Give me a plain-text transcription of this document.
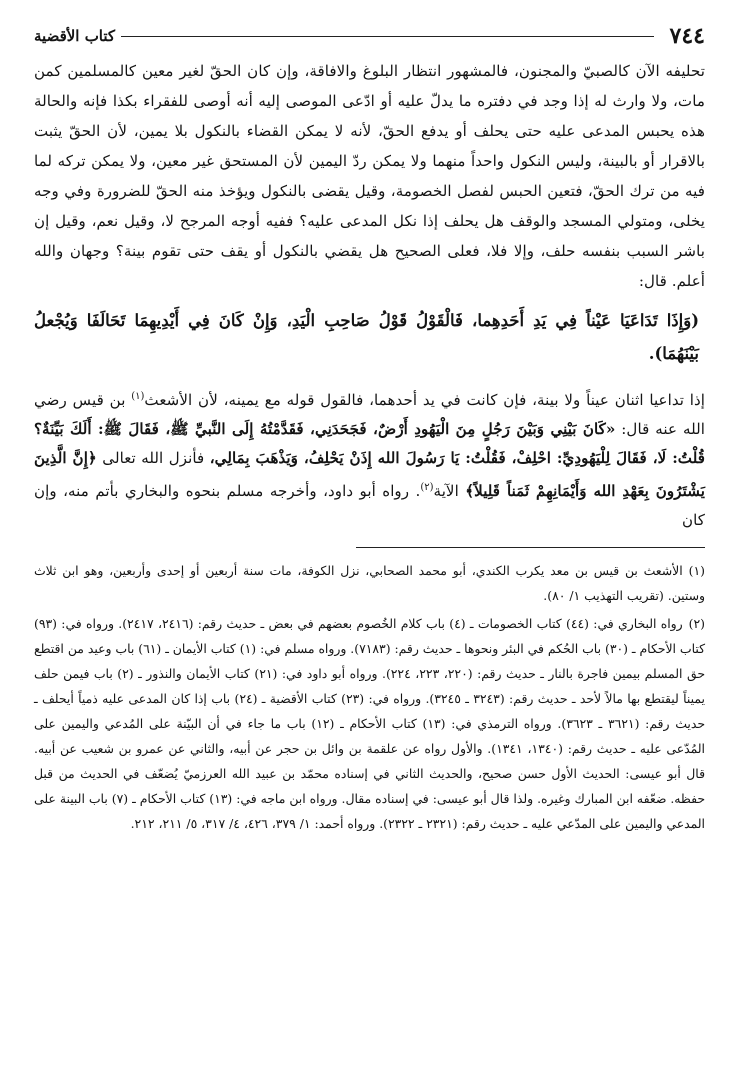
٧٤٤
كتاب الأقضية

تحليفه الآن كالصبيّ والمجنون، فالمشهور انتظار البلوغ والافاقة، وإن كان الحقّ لغير معين كالمسلمين كمن مات، ولا وارث له إذا وجد في دفتره ما يدلّ عليه أو ادّعى الموصى إليه أنه أوصى للفقراء بكذا فإنه والحالة هذه يحبس المدعى عليه حتى يحلف أو يدفع الحقّ، لأنه لا يمكن القضاء بالنكول بلا يمين، لأن الحقّ يثبت بالاقرار أو بالبينة، وليس النكول واحداً منهما ولا يمكن ردّ اليمين لأن المستحق غير معين، ولا يمكن تركه لما فيه من ترك الحقّ، فتعين الحبس لفصل الخصومة، وقيل يقضى بالنكول ويؤخذ منه الحقّ للضرورة وفي وجه يخلى، ومتولي المسجد والوقف هل يحلف إذا نكل المدعى عليه؟ ففيه أوجه المرجح لا، وقيل نعم، وقيل إن باشر السبب بنفسه حلف، وإلا فلا، فعلى الصحيح هل يقضي بالنكول أو يقف حتى تقوم بينة؟ وجهان والله أعلم. قال:

(وَإِذَا تَدَاعَيَا عَيْناً فِي يَدِ أَحَدِهِما، فَالْقَوْلُ قَوْلُ صَاحِبِ الْيَدِ، وَإِنْ كَانَ فِي أَيْدِيهِمَا تَحَالَفَا وَيُجْعلُ بَيْنَهُمَا).

إذا تداعيا اثنان عيناً ولا بينة، فإن كانت في يد أحدهما، فالقول قوله مع يمينه، لأن الأشعث$^{(١)}$ بن قيس رضي الله عنه قال: «كَانَ بَيْنِي وَبَيْنَ رَجُلٍ مِنَ الْيَهُودِ أَرْضٌ، فَجَحَدَنِي، فَقَدَّمْتُهُ إِلَى النَّبيِّ ﷺ، فَقَالَ ﷺ: أَلَكَ بَيِّنَةٌ؟ قُلْتُ: لَا، فَقَالَ لِلْيَهُودِيِّ: احْلِفْ، فَقُلْتُ: يَا رَسُولَ الله إِذَنْ يَحْلِفُ، وَيَذْهَبَ بِمَالِي، فأنزل الله تعالى ﴿إِنَّ الَّذِينَ يَشْتَرُونَ بِعَهْدِ الله وَأَيْمَانِهِمْ ثَمَناً قَلِيلاً﴾ الآية$^{(٢)}$. رواه أبو داود، وأخرجه مسلم بنحوه والبخاري بأتم منه، وإن كان

(١)الأشعث بن قيس بن معد يكرب الكندي، أبو محمد الصحابي، نزل الكوفة، مات سنة أربعين أو إحدى وأربعين، وهو ابن ثلاث وستين. (تقريب التهذيب ١/ ٨٠).

(٢)رواه البخاري في: (٤٤) كتاب الخصومات ـ (٤) باب كلام الخُصوم بعضهم في بعض ـ حديث رقم: (٢٤١٦، ٢٤١٧). ورواه في: (٩٣) كتاب الأحكام ـ (٣٠) باب الحُكم في البئر ونحوها ـ حديث رقم: (٧١٨٣). ورواه مسلم في: (١) كتاب الأيمان ـ (٦١) باب وعيد من اقتطع حق المسلم بيمين فاجرة بالنار ـ حديث رقم: (٢٢٠، ٢٢٣، ٢٢٤). ورواه أبو داود في: (٢١) كتاب الأيمان والنذور ـ (٢) باب فيمن حلف يميناً ليقتطع بها مالاً لأحد ـ حديث رقم: (٣٢٤٣ ـ ٣٢٤٥). ورواه في: (٢٣) كتاب الأقضية ـ (٢٤) باب إذا كان المدعى عليه ذمياً أيحلف ـ حديث رقم: (٣٦٢١ ـ ٣٦٢٣). ورواه الترمذي في: (١٣) كتاب الأحكام ـ (١٢) باب ما جاء في أن البيّنة على المُدعي واليمين على المُدّعى عليه ـ حديث رقم: (١٣٤٠، ١٣٤١). والأول رواه عن علقمة بن وائل بن حجر عن أبيه، والثاني عن عمرو بن شعيب عن أبيه. قال أبو عيسى: الحديث الأول حسن صحيح، والحديث الثاني في إسناده محمّد بن عبيد الله العرزميّ يُضعّف في الحديث من قبل حفظه. ضعّفه ابن المبارك وغيره. ولذا قال أبو عيسى: في إسناده مقال. ورواه ابن ماجه في: (١٣) كتاب الأحكام ـ (٧) باب البينة على المدعي واليمين على المدّعي عليه ـ حديث رقم: (٢٣٢١ ـ ٢٣٢٢). ورواه أحمد: ١/ ٣٧٩، ٤٢٦، ٤/ ٣١٧، ٥/ ٢١١، ٢١٢.
